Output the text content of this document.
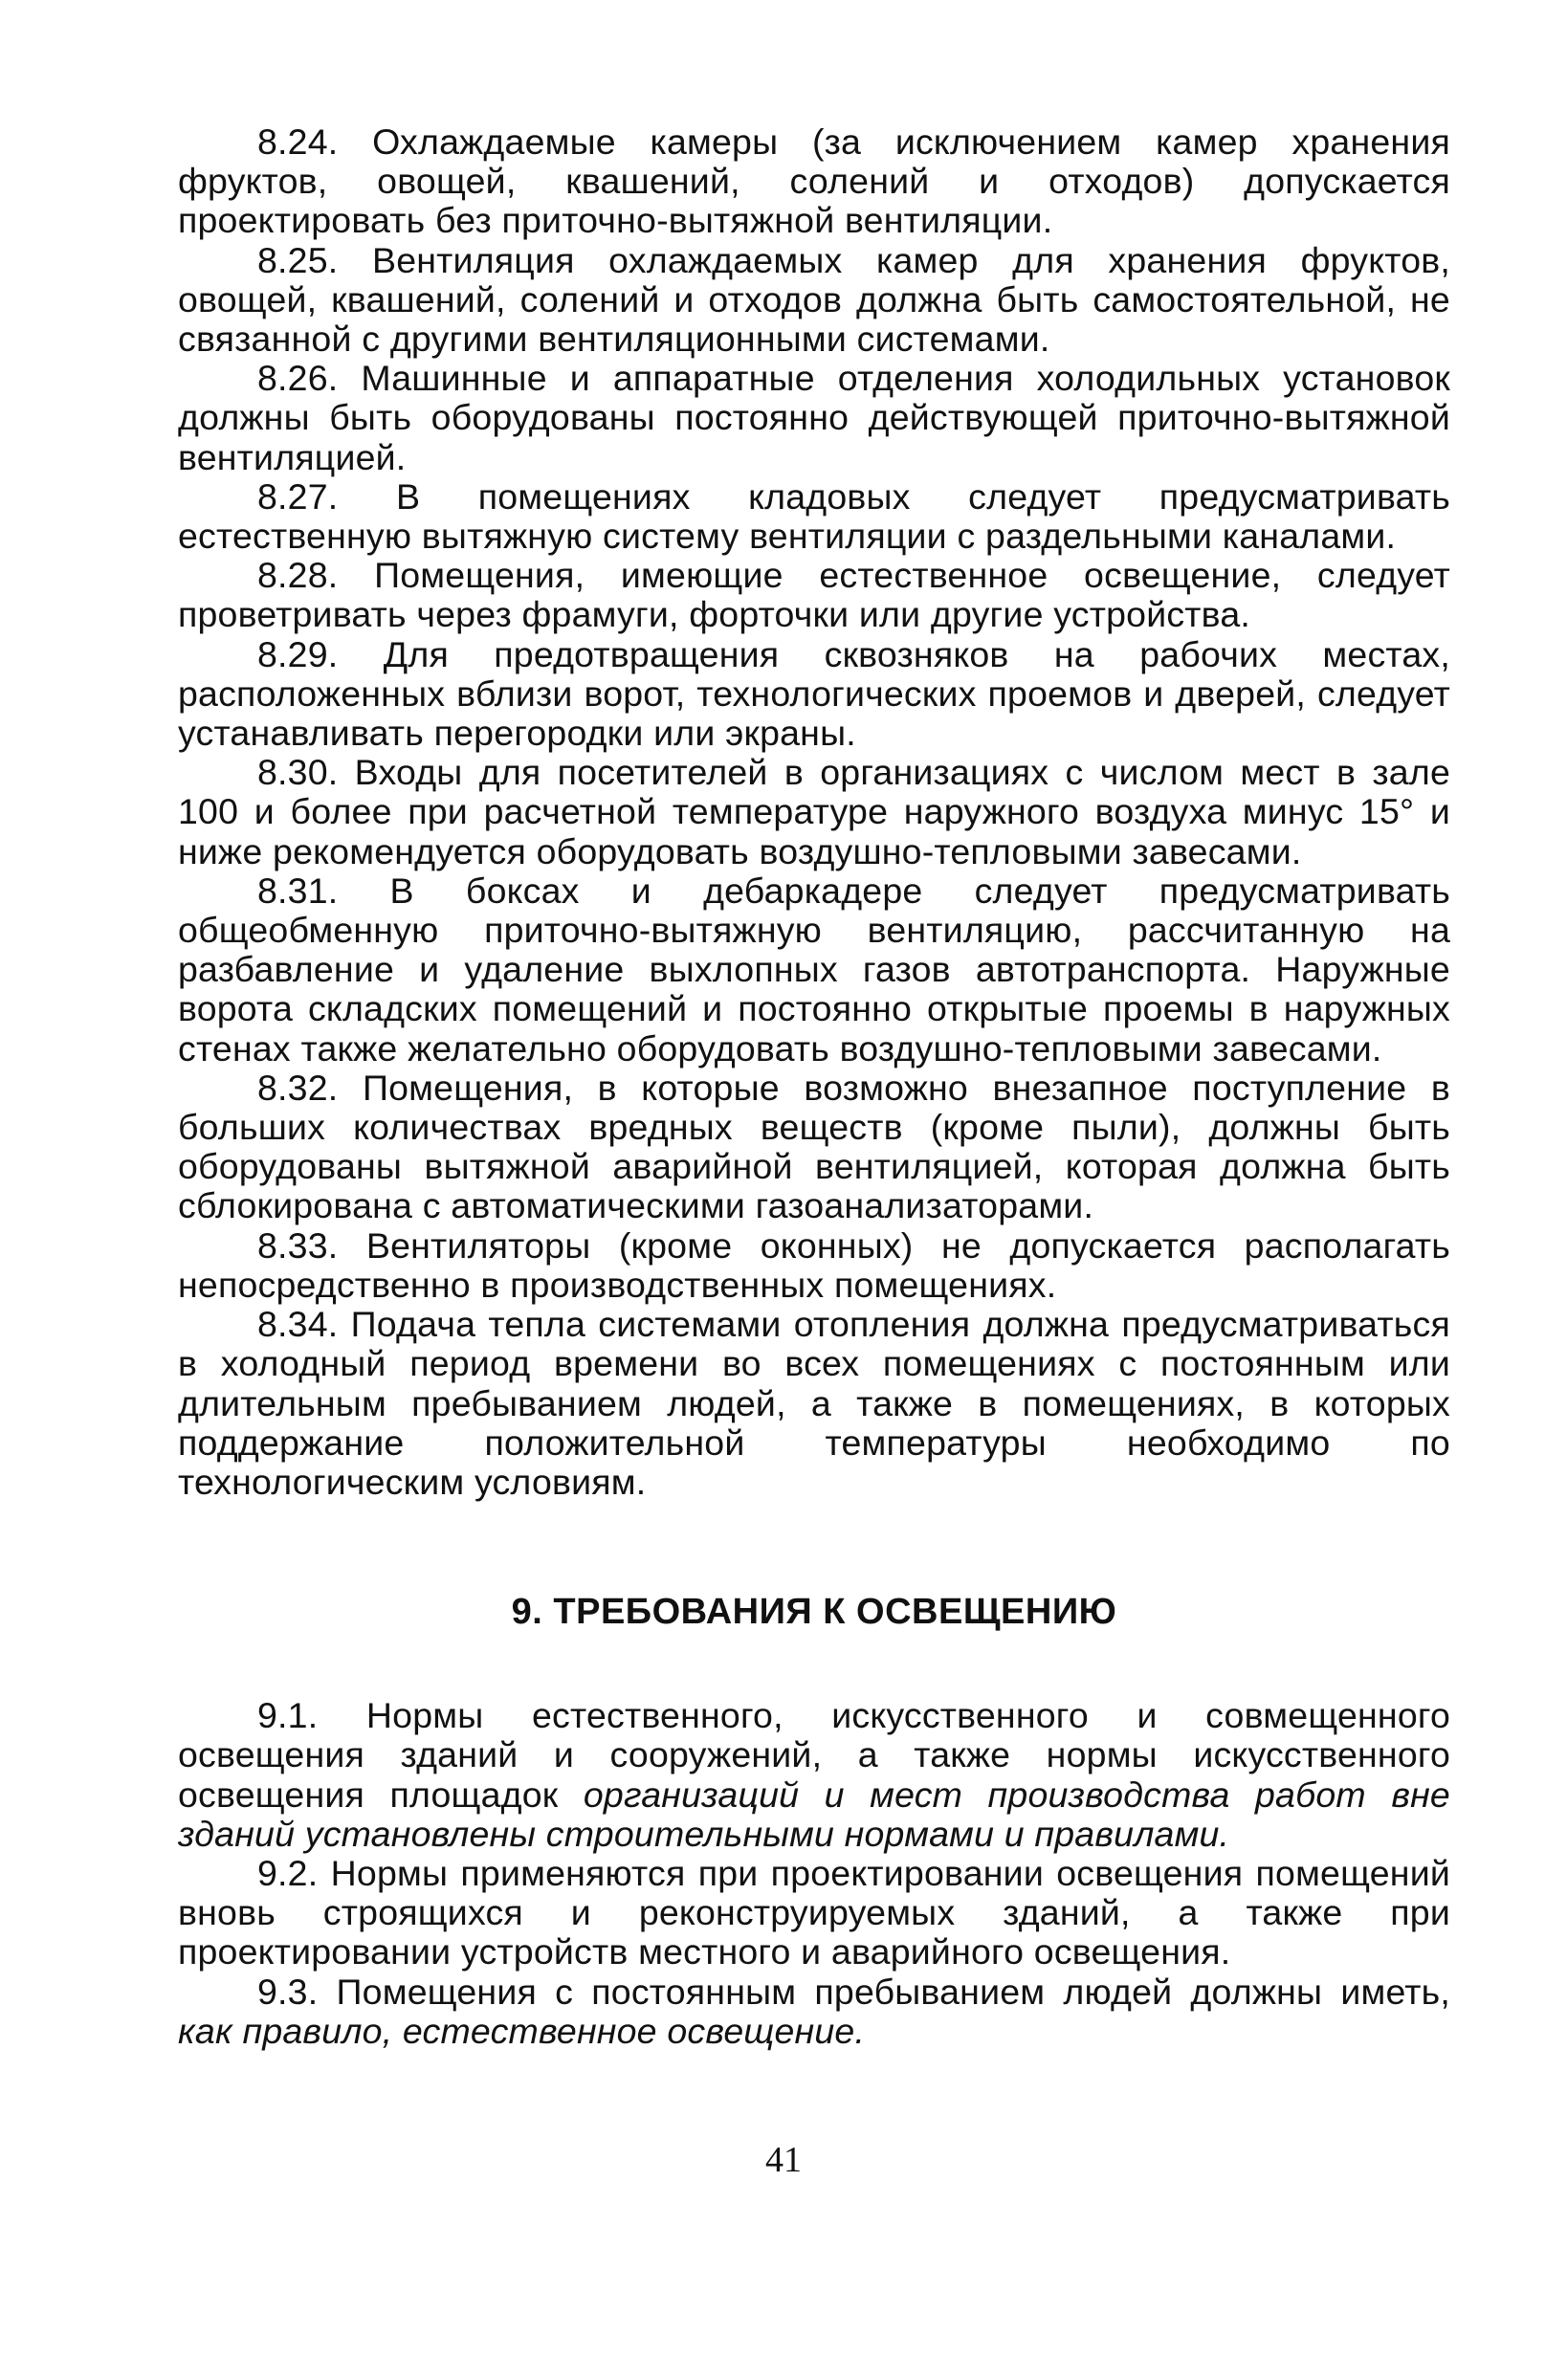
8.24. Охлаждаемые камеры (за исключением камер хранения фруктов, овощей, квашений, солений и отходов) допускается проектировать без приточно-вытяжной вентиляции.

8.25. Вентиляция охлаждаемых камер для хранения фруктов, овощей, квашений, солений и отходов должна быть самостоятельной, не связанной с другими вентиляционными системами.

8.26. Машинные и аппаратные отделения холодильных установок должны быть оборудованы постоянно действующей приточно-вытяжной вентиляцией.

8.27. В помещениях кладовых следует предусматривать естественную вытяжную систему вентиляции с раздельными каналами.

8.28. Помещения, имеющие естественное освещение, следует проветривать через фрамуги, форточки или другие устройства.

8.29. Для предотвращения сквозняков на рабочих местах, расположенных вблизи ворот, технологических проемов и дверей, следует устанавливать перегородки или экраны.

8.30. Входы для посетителей в организациях с числом мест в зале 100 и более при расчетной температуре наружного воздуха минус 15° и ниже рекомендуется оборудовать воздушно-тепловыми завесами.

8.31. В боксах и дебаркадере следует предусматривать общеобменную приточно-вытяжную вентиляцию, рассчитанную на разбавление и удаление выхлопных газов автотранспорта. Наружные ворота складских помещений и постоянно открытые проемы в наружных стенах также желательно оборудовать воздушно-тепловыми завесами.

8.32. Помещения, в которые возможно внезапное поступление в больших количествах вредных веществ (кроме пыли), должны быть оборудованы вытяжной аварийной вентиляцией, которая должна быть сблокирована с автоматическими газоанализаторами.

8.33. Вентиляторы (кроме оконных) не допускается располагать непосредственно в производственных помещениях.

8.34. Подача тепла системами отопления должна предусматриваться в холодный период времени во всех помещениях с постоянным или длительным пребыванием людей, а также в помещениях, в которых поддержание положительной температуры необходимо по технологическим условиям.

9. ТРЕБОВАНИЯ К ОСВЕЩЕНИЮ

9.1. Нормы естественного, искусственного и совмещенного освещения зданий и сооружений, а также нормы искусственного освещения площадок организаций и мест производства работ вне зданий установлены строительными нормами и правилами.

9.2. Нормы применяются при проектировании освещения помещений вновь строящихся и реконструируемых зданий, а также при проектировании устройств местного и аварийного освещения.

9.3. Помещения с постоянным пребыванием людей должны иметь, как правило, естественное освещение.

41
